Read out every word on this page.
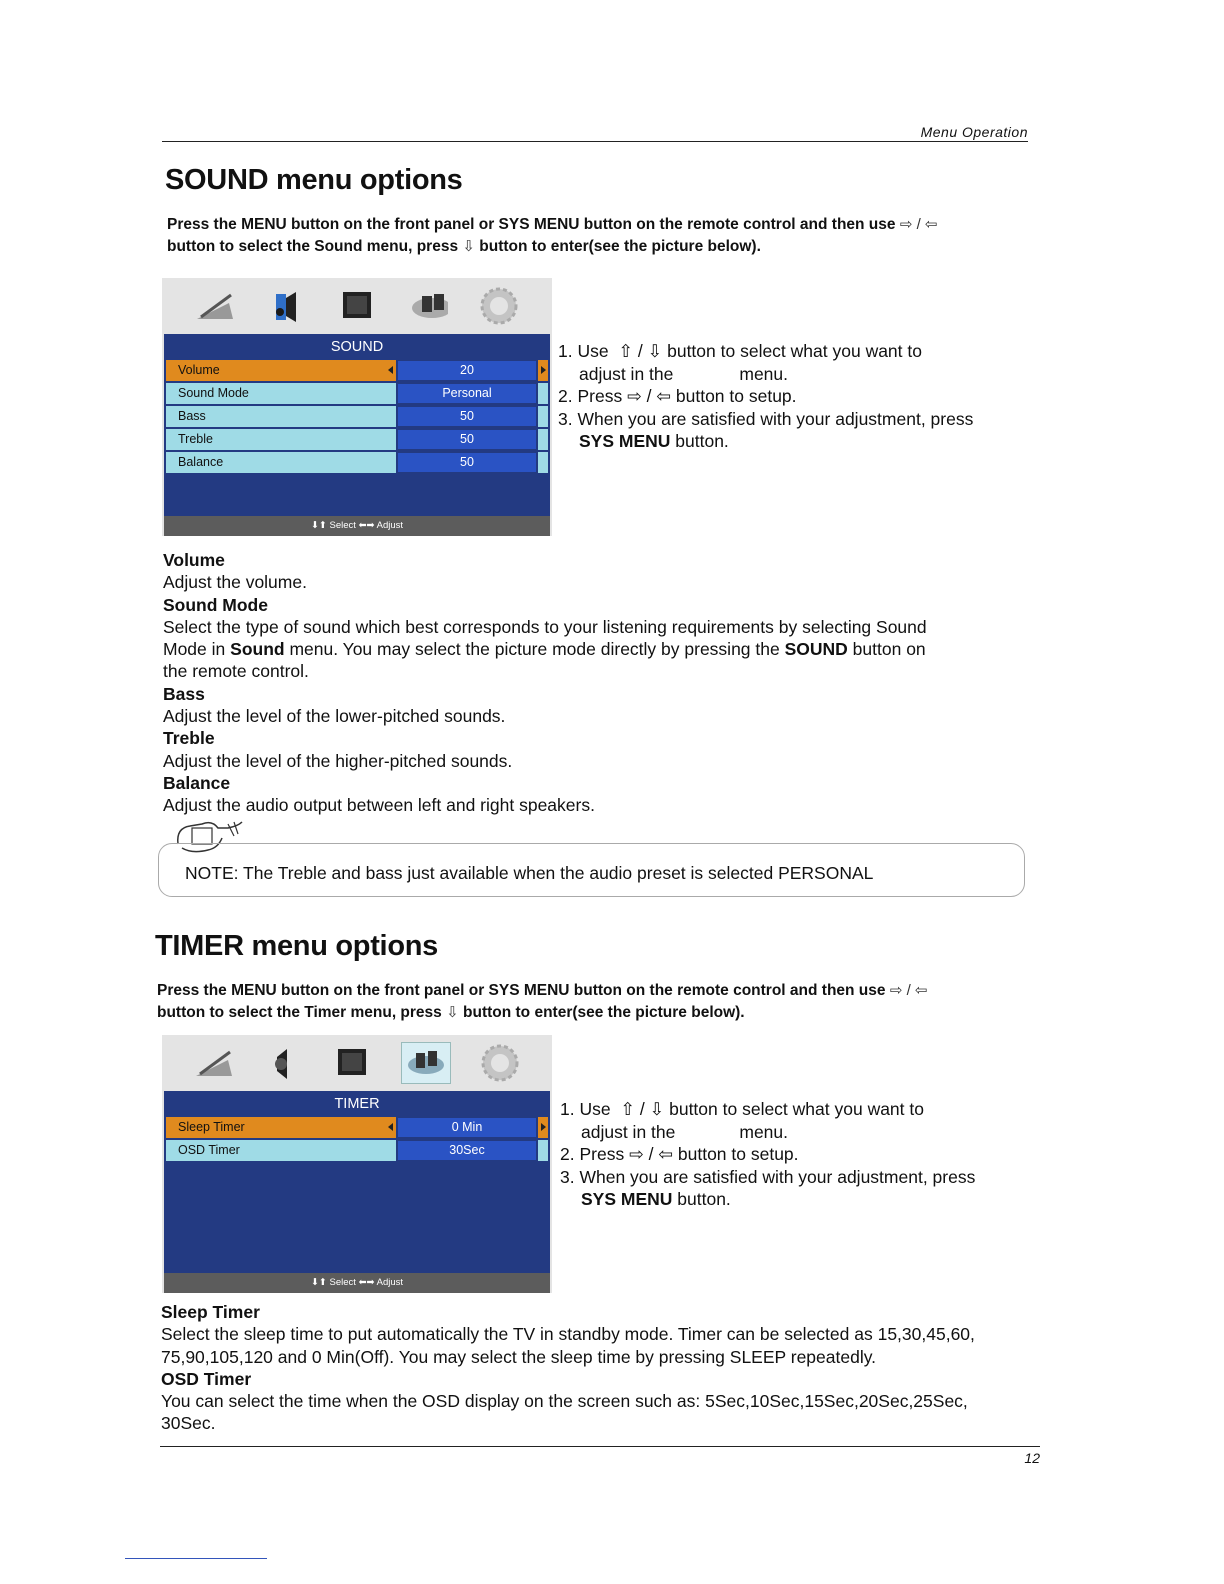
Menu Operation
SOUND menu options
Press the MENU button on the front panel or SYS MENU button on the remote control and then use ⇨ / ⇦
button to select the Sound menu, press ⇩ button to enter(see the picture below).
SOUND
Volume	20
Sound Mode	Personal
Bass	50
Treble	50
Balance	50
⬇⬆ Select ⬅➡ Adjust
1. Use ⇧ / ⇩ button to select what you want to
adjust in the	menu.
2. Press ⇨ / ⇦ button to setup.
3. When you are satisfied with your adjustment, press
SYS MENU button.
Volume
Adjust the volume.
Sound Mode
Select the type of sound which best corresponds to your listening requirements by selecting Sound
Mode in Sound menu. You may select the picture mode directly by pressing the SOUND button on
the remote control.
Bass
Adjust the level of the lower-pitched sounds.
Treble
Adjust the level of the higher-pitched sounds.
Balance
Adjust the audio output between left and right speakers.
NOTE: The Treble and bass just available when the audio preset is selected PERSONAL
TIMER menu options
Press the MENU button on the front panel or SYS MENU button on the remote control and then use ⇨ / ⇦
button to select the Timer menu, press ⇩ button to enter(see the picture below).
TIMER
Sleep Timer	0 Min
OSD Timer	30Sec
⬇⬆ Select ⬅➡ Adjust
1. Use ⇧ / ⇩ button to select what you want to
adjust in the	menu.
2. Press ⇨ / ⇦ button to setup.
3. When you are satisfied with your adjustment, press
SYS MENU button.
Sleep Timer
Select the sleep time to put automatically the TV in standby mode. Timer can be selected as 15,30,45,60,
75,90,105,120 and 0 Min(Off). You may select the sleep time by pressing SLEEP repeatedly.
OSD Timer
You can select the time when the OSD display on the screen such as: 5Sec,10Sec,15Sec,20Sec,25Sec,
30Sec.
12
